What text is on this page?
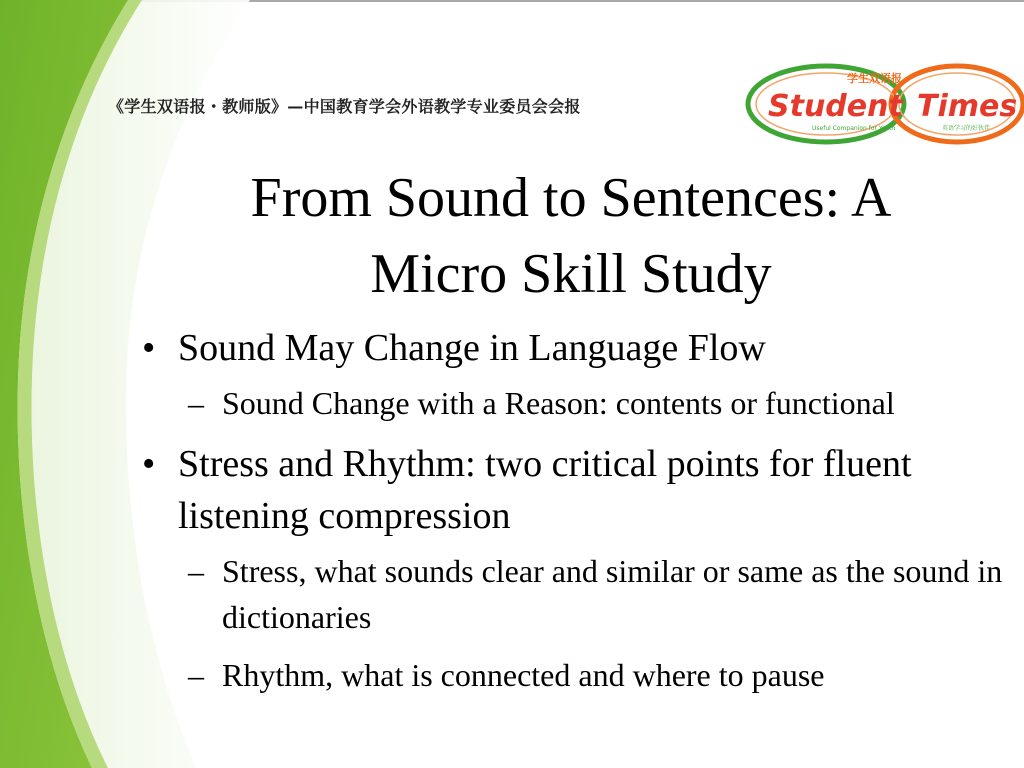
《学生双语报・教师版》—中国教育学会外语教学专业委员会会报
学生双语报
Student Times
Useful Companion for Youth	英语学习的好伙伴
From Sound to Sentences: A
Micro Skill Study
• Sound May Change in Language Flow
– Sound Change with a Reason: contents or functional
• Stress and Rhythm: two critical points for fluent listening compression
– Stress, what sounds clear and similar or same as the sound in dictionaries
– Rhythm, what is connected and where to pause
